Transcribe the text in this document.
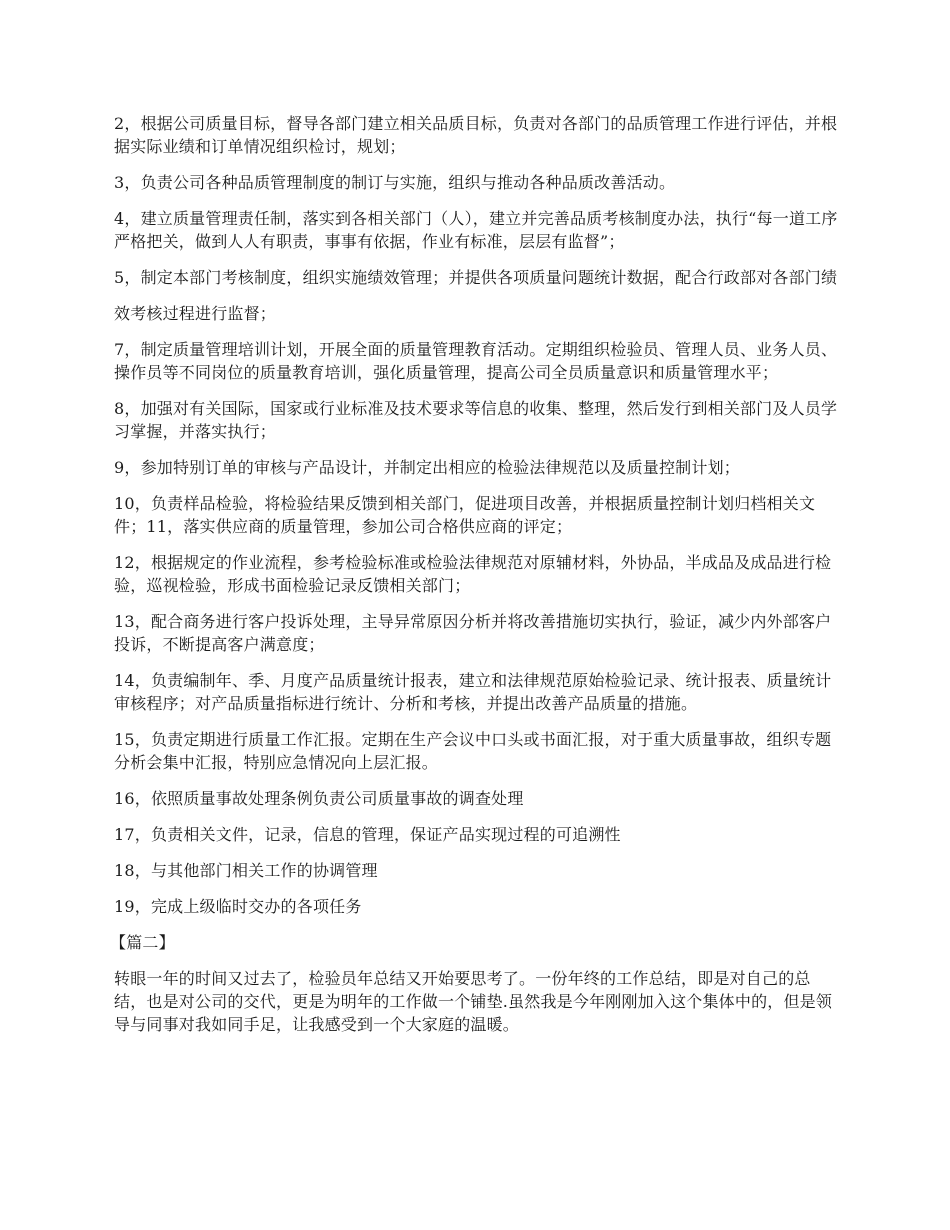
2，根据公司质量目标，督导各部门建立相关品质目标，负责对各部门的品质管理工作进行评估，并根据实际业绩和订单情况组织检讨，规划；

3，负责公司各种品质管理制度的制订与实施，组织与推动各种品质改善活动。

4，建立质量管理责任制，落实到各相关部门（人），建立并完善品质考核制度办法，执行“每一道工序严格把关，做到人人有职责，事事有依据，作业有标准，层层有监督”；

5，制定本部门考核制度，组织实施绩效管理；并提供各项质量问题统计数据，配合行政部对各部门绩

效考核过程进行监督；

7，制定质量管理培训计划，开展全面的质量管理教育活动。定期组织检验员、管理人员、业务人员、操作员等不同岗位的质量教育培训，强化质量管理，提高公司全员质量意识和质量管理水平；

8，加强对有关国际，国家或行业标准及技术要求等信息的收集、整理，然后发行到相关部门及人员学习掌握，并落实执行；

9，参加特别订单的审核与产品设计，并制定出相应的检验法律规范以及质量控制计划；

10，负责样品检验，将检验结果反馈到相关部门，促进项目改善，并根据质量控制计划归档相关文件；11，落实供应商的质量管理，参加公司合格供应商的评定；

12，根据规定的作业流程，参考检验标准或检验法律规范对原辅材料，外协品，半成品及成品进行检验，巡视检验，形成书面检验记录反馈相关部门；

13，配合商务进行客户投诉处理，主导异常原因分析并将改善措施切实执行，验证，减少内外部客户投诉，不断提高客户满意度；

14，负责编制年、季、月度产品质量统计报表，建立和法律规范原始检验记录、统计报表、质量统计审核程序；对产品质量指标进行统计、分析和考核，并提出改善产品质量的措施。

15，负责定期进行质量工作汇报。定期在生产会议中口头或书面汇报，对于重大质量事故，组织专题分析会集中汇报，特别应急情况向上层汇报。

16，依照质量事故处理条例负责公司质量事故的调查处理

17，负责相关文件，记录，信息的管理，保证产品实现过程的可追溯性

18，与其他部门相关工作的协调管理

19，完成上级临时交办的各项任务

【篇二】

转眼一年的时间又过去了，检验员年总结又开始要思考了。一份年终的工作总结，即是对自己的总结，也是对公司的交代，更是为明年的工作做一个铺垫.虽然我是今年刚刚加入这个集体中的，但是领导与同事对我如同手足，让我感受到一个大家庭的温暖。
